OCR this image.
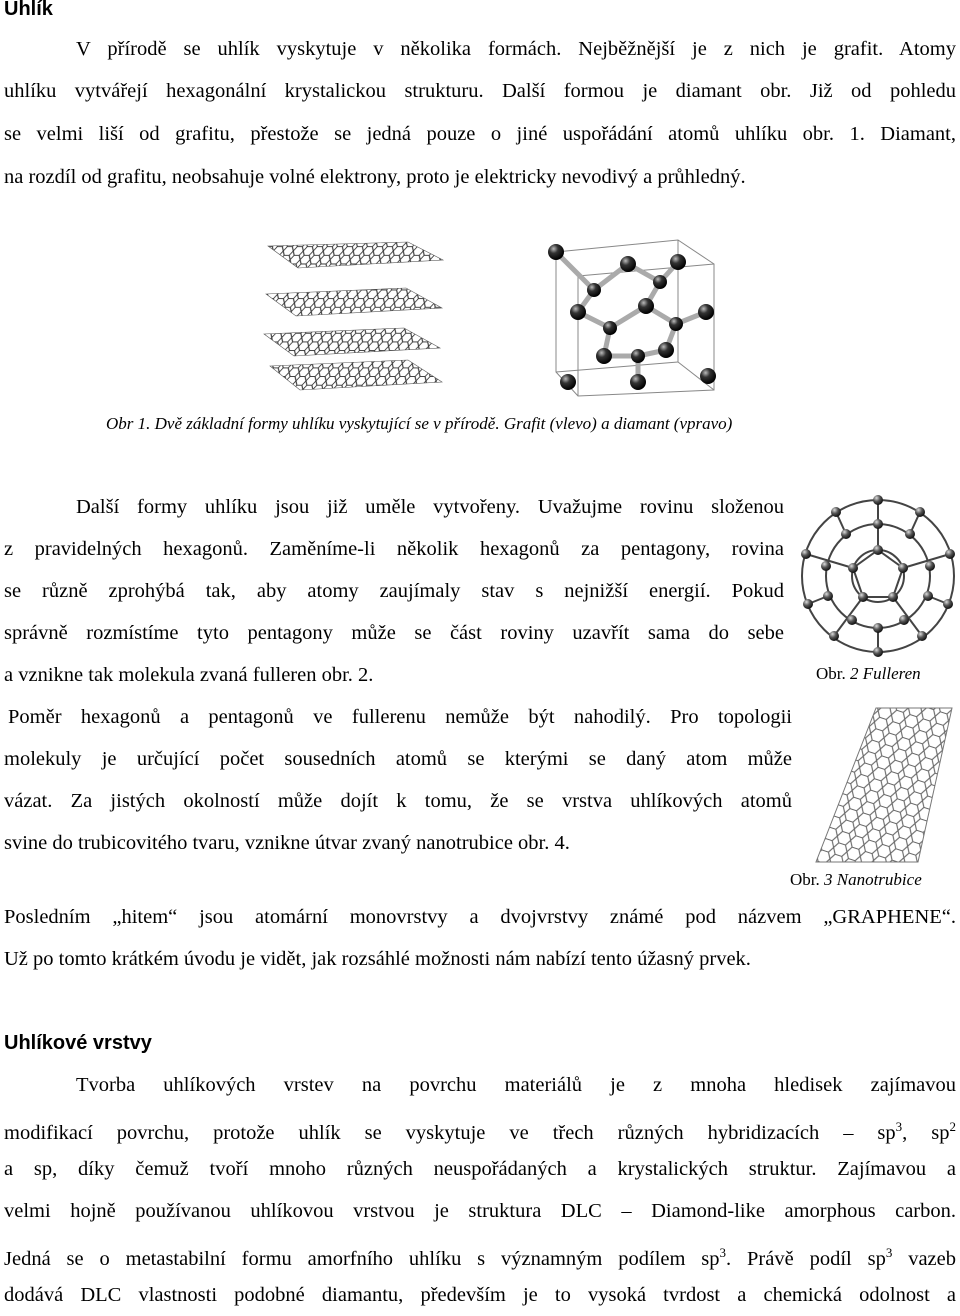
Uhlík
V přírodě se uhlík vyskytuje v několika formách. Nejběžnější je z nich je grafit. Atomy
uhlíku vytvářejí hexagonální krystalickou strukturu. Další formou je diamant obr. Již od pohledu
se velmi liší od grafitu, přestože se jedná pouze o jiné uspořádání atomů uhlíku obr. 1. Diamant,
na rozdíl od grafitu, neobsahuje volné elektrony, proto je elektricky nevodivý a průhledný.
Obr 1. Dvě základní formy uhlíku vyskytující se v přírodě. Grafit (vlevo) a diamant (vpravo)
Další formy uhlíku jsou již uměle vytvořeny. Uvažujme rovinu složenou
z pravidelných hexagonů. Zaměníme-li několik hexagonů za pentagony, rovina
se různě zprohýbá tak, aby atomy zaujímaly stav s nejnižší energií. Pokud
správně rozmístíme tyto pentagony může se část roviny uzavřít sama do sebe
a vznikne tak molekula zvaná fulleren obr. 2.	Obr. 2 Fulleren
Poměr hexagonů a pentagonů ve fullerenu nemůže být nahodilý. Pro topologii
molekuly je určující počet sousedních atomů se kterými se daný atom může
vázat. Za jistých okolností může dojít k tomu, že se vrstva uhlíkových atomů
svine do trubicovitého tvaru, vznikne útvar zvaný nanotrubice obr. 4.
Obr. 3 Nanotrubice
Posledním „hitem“ jsou atomární monovrstvy a dvojvrstvy známé pod názvem „GRAPHENE“.
Už po tomto krátkém úvodu je vidět, jak rozsáhlé možnosti nám nabízí tento úžasný prvek.
Uhlíkové vrstvy
Tvorba uhlíkových vrstev na povrchu materiálů je z mnoha hledisek zajímavou
modifikací povrchu, protože uhlík se vyskytuje ve třech různých hybridizacích – $sp^3$, $sp^2$
a sp, díky čemuž tvoří mnoho různých neuspořádaných a krystalických struktur. Zajímavou a
velmi hojně používanou uhlíkovou vrstvou je struktura DLC – Diamond-like amorphous carbon.
Jedná se o metastabilní formu amorfního uhlíku s významným podílem $sp^3$. Právě podíl $sp^3$ vazeb
dodává DLC vlastnosti podobné diamantu, především je to vysoká tvrdost a chemická odolnost a
